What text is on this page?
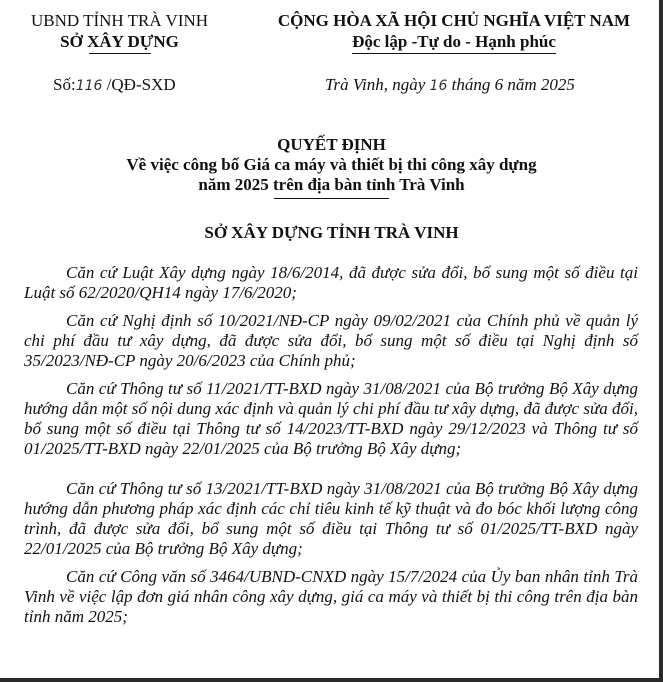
UBND TỈNH TRÀ VINH
SỞ XÂY DỰNG
CỘNG HÒA XÃ HỘI CHỦ NGHĨA VIỆT NAM
Độc lập -Tự do - Hạnh phúc
Số:116 /QĐ-SXD	Trà Vinh, ngày 16 tháng 6 năm 2025
QUYẾT ĐỊNH
Về việc công bố Giá ca máy và thiết bị thi công xây dựng
năm 2025 trên địa bàn tỉnh Trà Vinh
SỞ XÂY DỰNG TỈNH TRÀ VINH

Căn cứ Luật Xây dựng ngày 18/6/2014, đã được sửa đổi, bổ sung một số điều tại Luật số 62/2020/QH14 ngày 17/6/2020;

Căn cứ Nghị định số 10/2021/NĐ-CP ngày 09/02/2021 của Chính phủ về quản lý chi phí đầu tư xây dựng, đã được sửa đổi, bổ sung một số điều tại Nghị định số 35/2023/NĐ-CP ngày 20/6/2023 của Chính phủ;

Căn cứ Thông tư số 11/2021/TT-BXD ngày 31/08/2021 của Bộ trưởng Bộ Xây dựng hướng dẫn một số nội dung xác định và quản lý chi phí đầu tư xây dựng, đã được sửa đổi, bổ sung một số điều tại Thông tư số 14/2023/TT-BXD ngày 29/12/2023 và Thông tư số 01/2025/TT-BXD ngày 22/01/2025 của Bộ trưởng Bộ Xây dựng;

Căn cứ Thông tư số 13/2021/TT-BXD ngày 31/08/2021 của Bộ trưởng Bộ Xây dựng hướng dẫn phương pháp xác định các chỉ tiêu kinh tế kỹ thuật và đo bóc khối lượng công trình, đã được sửa đổi, bổ sung một số điều tại Thông tư số 01/2025/TT-BXD ngày 22/01/2025 của Bộ trưởng Bộ Xây dựng;

Căn cứ Công văn số 3464/UBND-CNXD ngày 15/7/2024 của Ủy ban nhân tỉnh Trà Vinh về việc lập đơn giá nhân công xây dựng, giá ca máy và thiết bị thi công trên địa bàn tỉnh năm 2025;
